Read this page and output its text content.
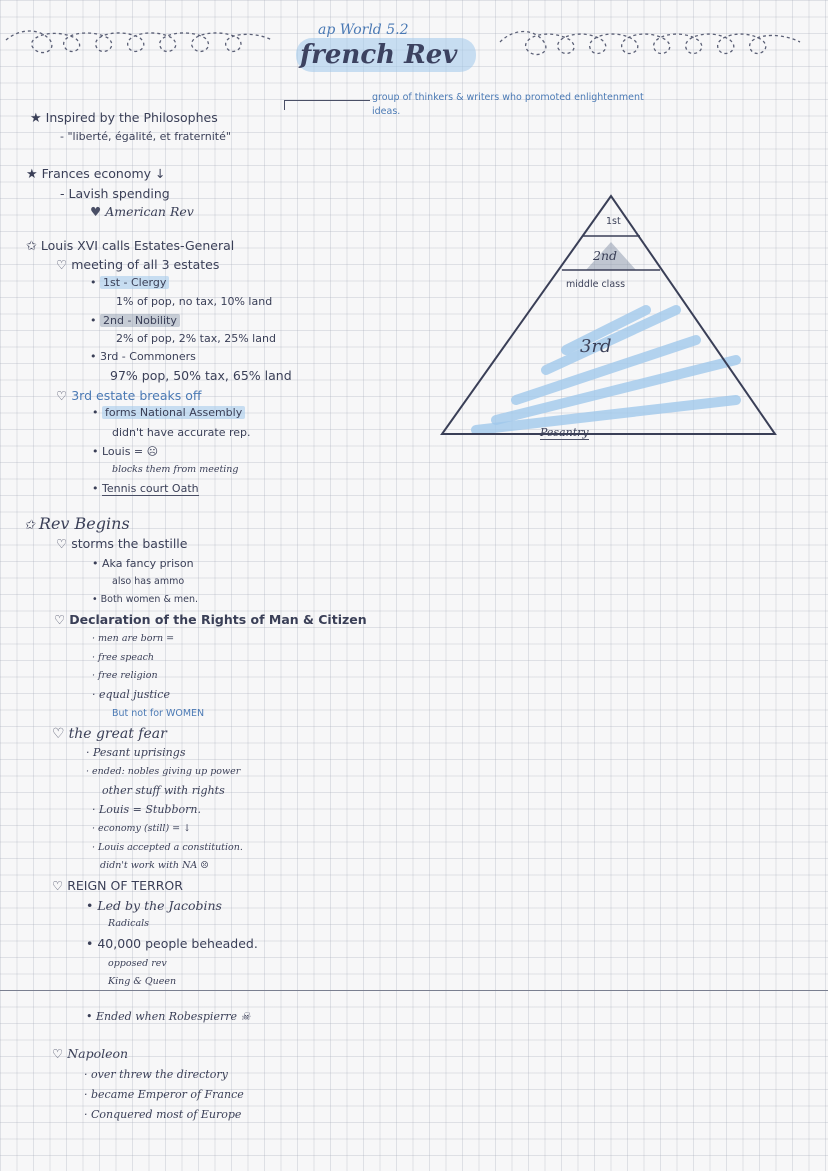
ap World 5.2
french Rev
★ Inspired by the Philosophes
- "liberté, égalité, et fraternité"
group of thinkers & writers who promoted enlightenment
ideas.
★ Frances economy ↓
- Lavish spending
♥ American Rev
✩ Louis XVI calls Estates-General
♡ meeting of all 3 estates
• 1st - Clergy
1% of pop, no tax, 10% land
• 2nd - Nobility
2% of pop, 2% tax, 25% land
• 3rd - Commoners
97% pop, 50% tax, 65% land
♡ 3rd estate breaks off
• forms National Assembly
didn't have accurate rep.
• Louis = ☹
blocks them from meeting
• Tennis court Oath
1st
2nd
middle class
3rd
Pesantry
✩ Rev Begins
♡ storms the bastille
• Aka fancy prison
also has ammo
• Both women & men.
♡ Declaration of the Rights of Man & Citizen
· men are born =
· free speach
· free religion
· equal justice
But not for WOMEN
♡ the great fear
· Pesant uprisings
· ended: nobles giving up power
other stuff with rights
· Louis = Stubborn.
· economy (still) = ↓
· Louis accepted a constitution.
didn't work with NA ☹
♡ REIGN OF TERROR
• Led by the Jacobins
Radicals
• 40,000 people beheaded.
opposed rev
King & Queen
• Ended when Robespierre ☠
♡ Napoleon
· over threw the directory
· became Emperor of France
· Conquered most of Europe
